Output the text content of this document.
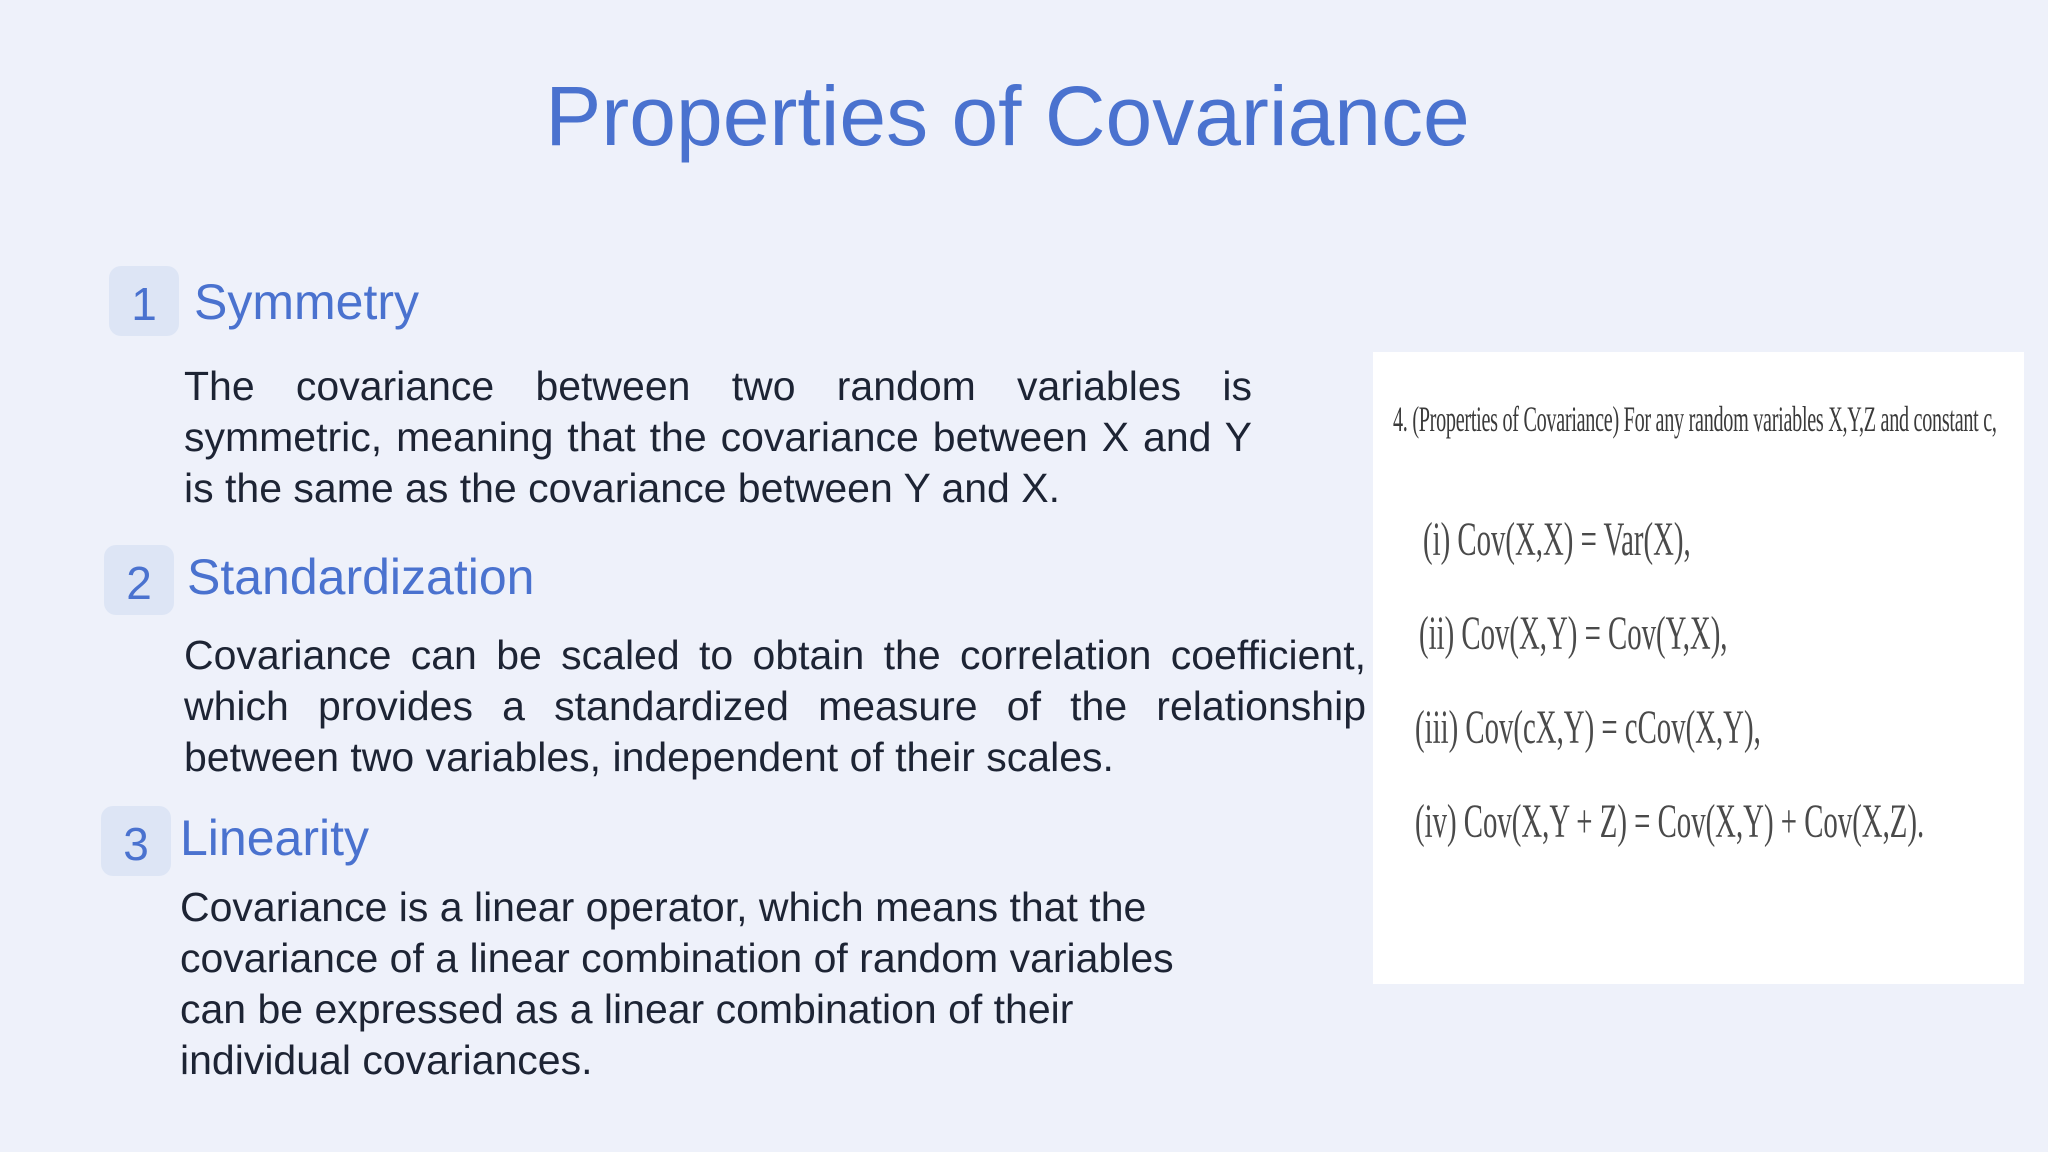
Properties of Covariance
1 Symmetry
The covariance between two random variables is symmetric, meaning that the covariance between X and Y is the same as the covariance between Y and X.
2 Standardization
Covariance can be scaled to obtain the correlation coefficient, which provides a standardized measure of the relationship between two variables, independent of their scales.
3 Linearity
Covariance is a linear operator, which means that the covariance of a linear combination of random variables can be expressed as a linear combination of their individual covariances.
4. (Properties of Covariance) For any random variables X,Y,Z and constant c,
(i) Cov(X,X) = Var(X),
(ii) Cov(X,Y) = Cov(Y,X),
(iii) Cov(cX,Y) = cCov(X,Y),
(iv) Cov(X,Y + Z) = Cov(X,Y) + Cov(X,Z).
